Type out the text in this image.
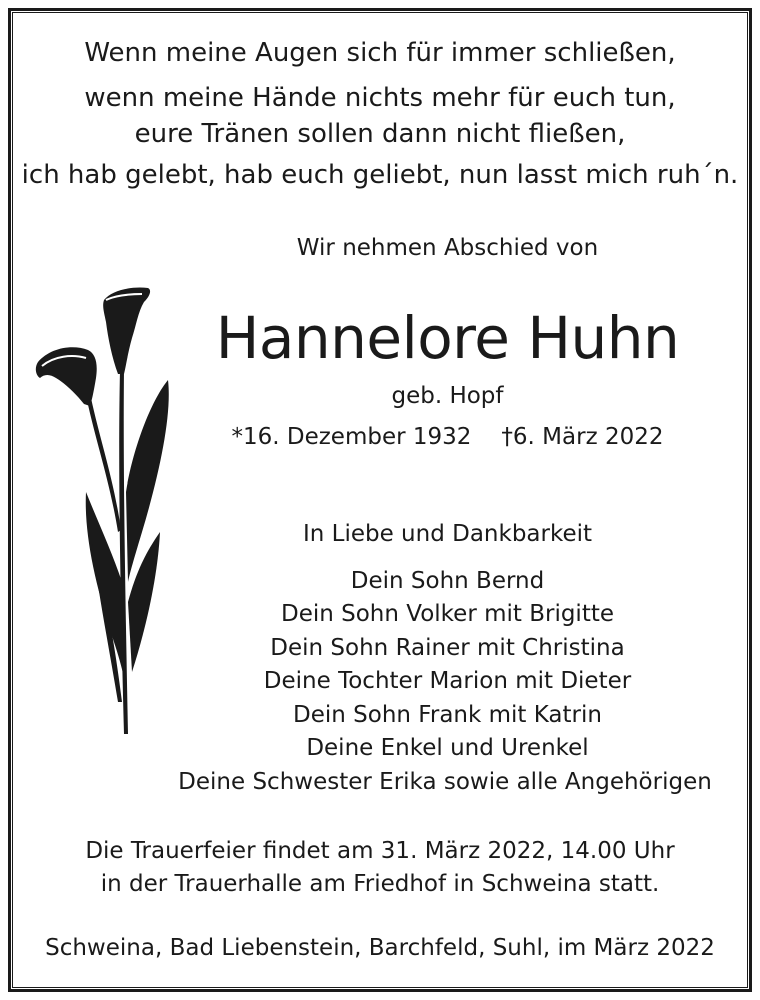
Wenn meine Augen sich für immer schließen,
wenn meine Hände nichts mehr für euch tun,
eure Tränen sollen dann nicht fließen,
ich hab gelebt, hab euch geliebt, nun lasst mich ruh´n.
Wir nehmen Abschied von
Hannelore Huhn
geb. Hopf
*16. Dezember 1932 †6. März 2022
In Liebe und Dankbarkeit
Dein Sohn Bernd
Dein Sohn Volker mit Brigitte
Dein Sohn Rainer mit Christina
Deine Tochter Marion mit Dieter
Dein Sohn Frank mit Katrin
Deine Enkel und Urenkel
Deine Schwester Erika sowie alle Angehörigen
Die Trauerfeier findet am 31. März 2022, 14.00 Uhr
in der Trauerhalle am Friedhof in Schweina statt.
Schweina, Bad Liebenstein, Barchfeld, Suhl, im März 2022
